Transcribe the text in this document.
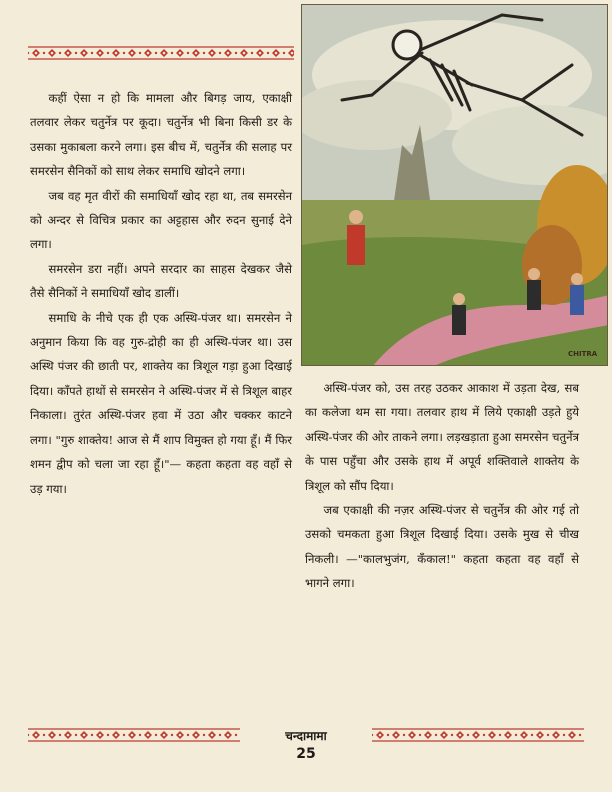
CHITRA

कहीं ऐसा न हो कि मामला और बिगड़ जाय, एकाक्षी तलवार लेकर चतुर्नेत्र पर कूदा। चतुर्नेत्र भी बिना किसी डर के उसका मुकाबला करने लगा। इस बीच में, चतुर्नेत्र की सलाह पर समरसेन सैनिकों को साथ लेकर समाधि खोदने लगा।

जब वह मृत वीरों की समाधियाँ खोद रहा था, तब समरसेन को अन्दर से विचित्र प्रकार का अट्टहास और रुदन सुनाई देने लगा।

समरसेन डरा नहीं। अपने सरदार का साहस देखकर जैसे तैसे सैनिकों ने समाधियाँ खोद डालीं।

समाधि के नीचे एक ही एक अस्थि-पंजर था। समरसेन ने अनुमान किया कि वह गुरु-द्रोही का ही अस्थि-पंजर था। उस अस्थि पंजर की छाती पर, शाक्तेय का त्रिशूल गड़ा हुआ दिखाई दिया। काँपते हाथों से समरसेन ने अस्थि-पंजर में से त्रिशूल बाहर निकाला। तुरंत अस्थि-पंजर हवा में उठा और चक्कर काटने लगा। "गुरु शाक्तेय! आज से मैं शाप विमुक्त हो गया हूँ। मैं फिर शमन द्वीप को चला जा रहा हूँ।"— कहता कहता वह वहाँ से उड़ गया।

अस्थि-पंजर को, उस तरह उठकर आकाश में उड़ता देख, सब का कलेजा थम सा गया। तलवार हाथ में लिये एकाक्षी उड़ते हुये अस्थि-पंजर की ओर ताकने लगा। लड़खड़ाता हुआ समरसेन चतुर्नेत्र के पास पहुँचा और उसके हाथ में अपूर्व शक्तिवाले शाक्तेय के त्रिशूल को सौंप दिया।

जब एकाक्षी की नज़र अस्थि-पंजर से चतुर्नेत्र की ओर गई तो उसको चमकता हुआ त्रिशूल दिखाई दिया। उसके मुख से चीख निकली। —"कालभुजंग, कँकाल!" कहता कहता वह वहाँ से भागने लगा।

चन्दामामा
25
